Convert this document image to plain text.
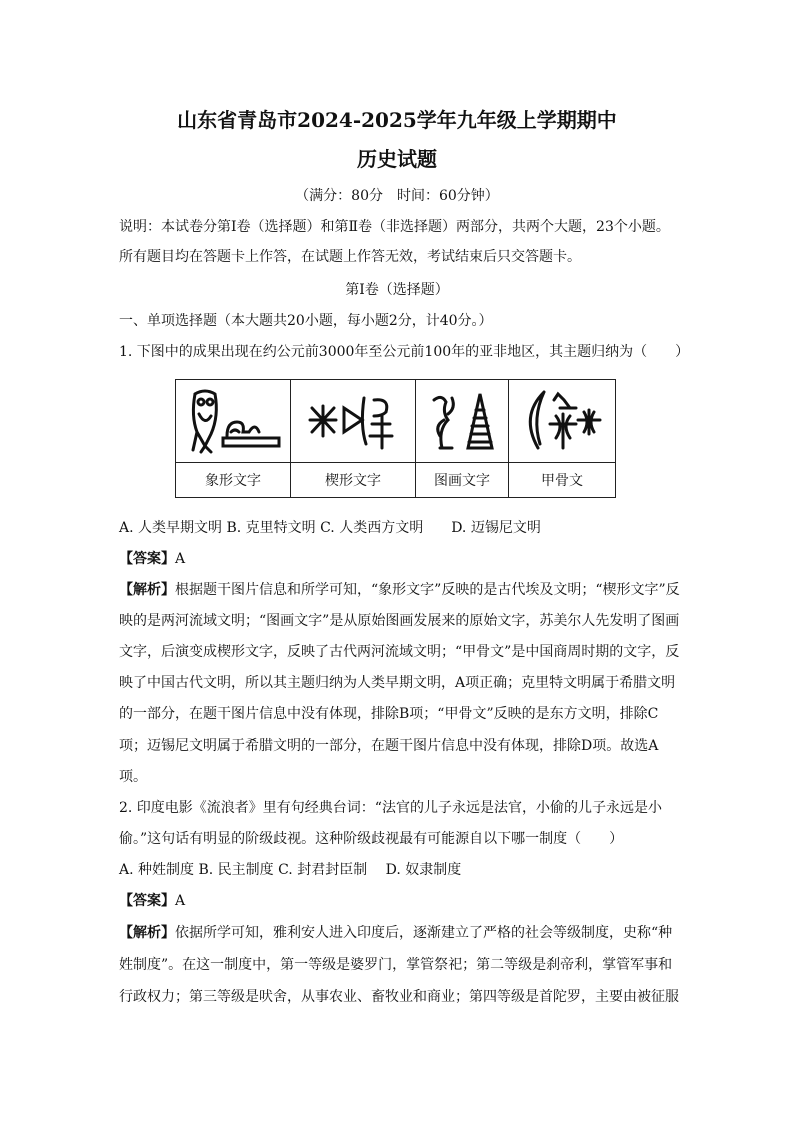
山东省青岛市2024-2025学年九年级上学期期中
历史试题
（满分：80分　时间：60分钟）
说明：本试卷分第Ⅰ卷（选择题）和第Ⅱ卷（非选择题）两部分，共两个大题，23个小题。
所有题目均在答题卡上作答，在试题上作答无效，考试结束后只交答题卡。
第Ⅰ卷（选择题）
一、单项选择题（本大题共20小题，每小题2分，计40分。）
1. 下图中的成果出现在约公元前3000年至公元前100年的亚非地区，其主题归纳为（　　）

象形文字	楔形文字	图画文字	甲骨文
A. 人类早期文明 B. 克里特文明 C. 人类西方文明　　D. 迈锡尼文明
【答案】A
【解析】根据题干图片信息和所学可知，“象形文字”反映的是古代埃及文明；“楔形文字”反
映的是两河流域文明；“图画文字”是从原始图画发展来的原始文字，苏美尔人先发明了图画
文字，后演变成楔形文字，反映了古代两河流域文明；“甲骨文”是中国商周时期的文字，反
映了中国古代文明，所以其主题归纳为人类早期文明，A项正确；克里特文明属于希腊文明
的一部分，在题干图片信息中没有体现，排除B项；“甲骨文”反映的是东方文明，排除C
项；迈锡尼文明属于希腊文明的一部分，在题干图片信息中没有体现，排除D项。故选A
项。
2. 印度电影《流浪者》里有句经典台词：“法官的儿子永远是法官，小偷的儿子永远是小
偷。”这句话有明显的阶级歧视。这种阶级歧视最有可能源自以下哪一制度（　　）
A. 种姓制度 B. 民主制度 C. 封君封臣制　 D. 奴隶制度
【答案】A
【解析】依据所学可知，雅利安人进入印度后，逐渐建立了严格的社会等级制度，史称“种
姓制度”。在这一制度中，第一等级是婆罗门，掌管祭祀；第二等级是刹帝利，掌管军事和
行政权力；第三等级是吠舍，从事农业、畜牧业和商业；第四等级是首陀罗，主要由被征服
